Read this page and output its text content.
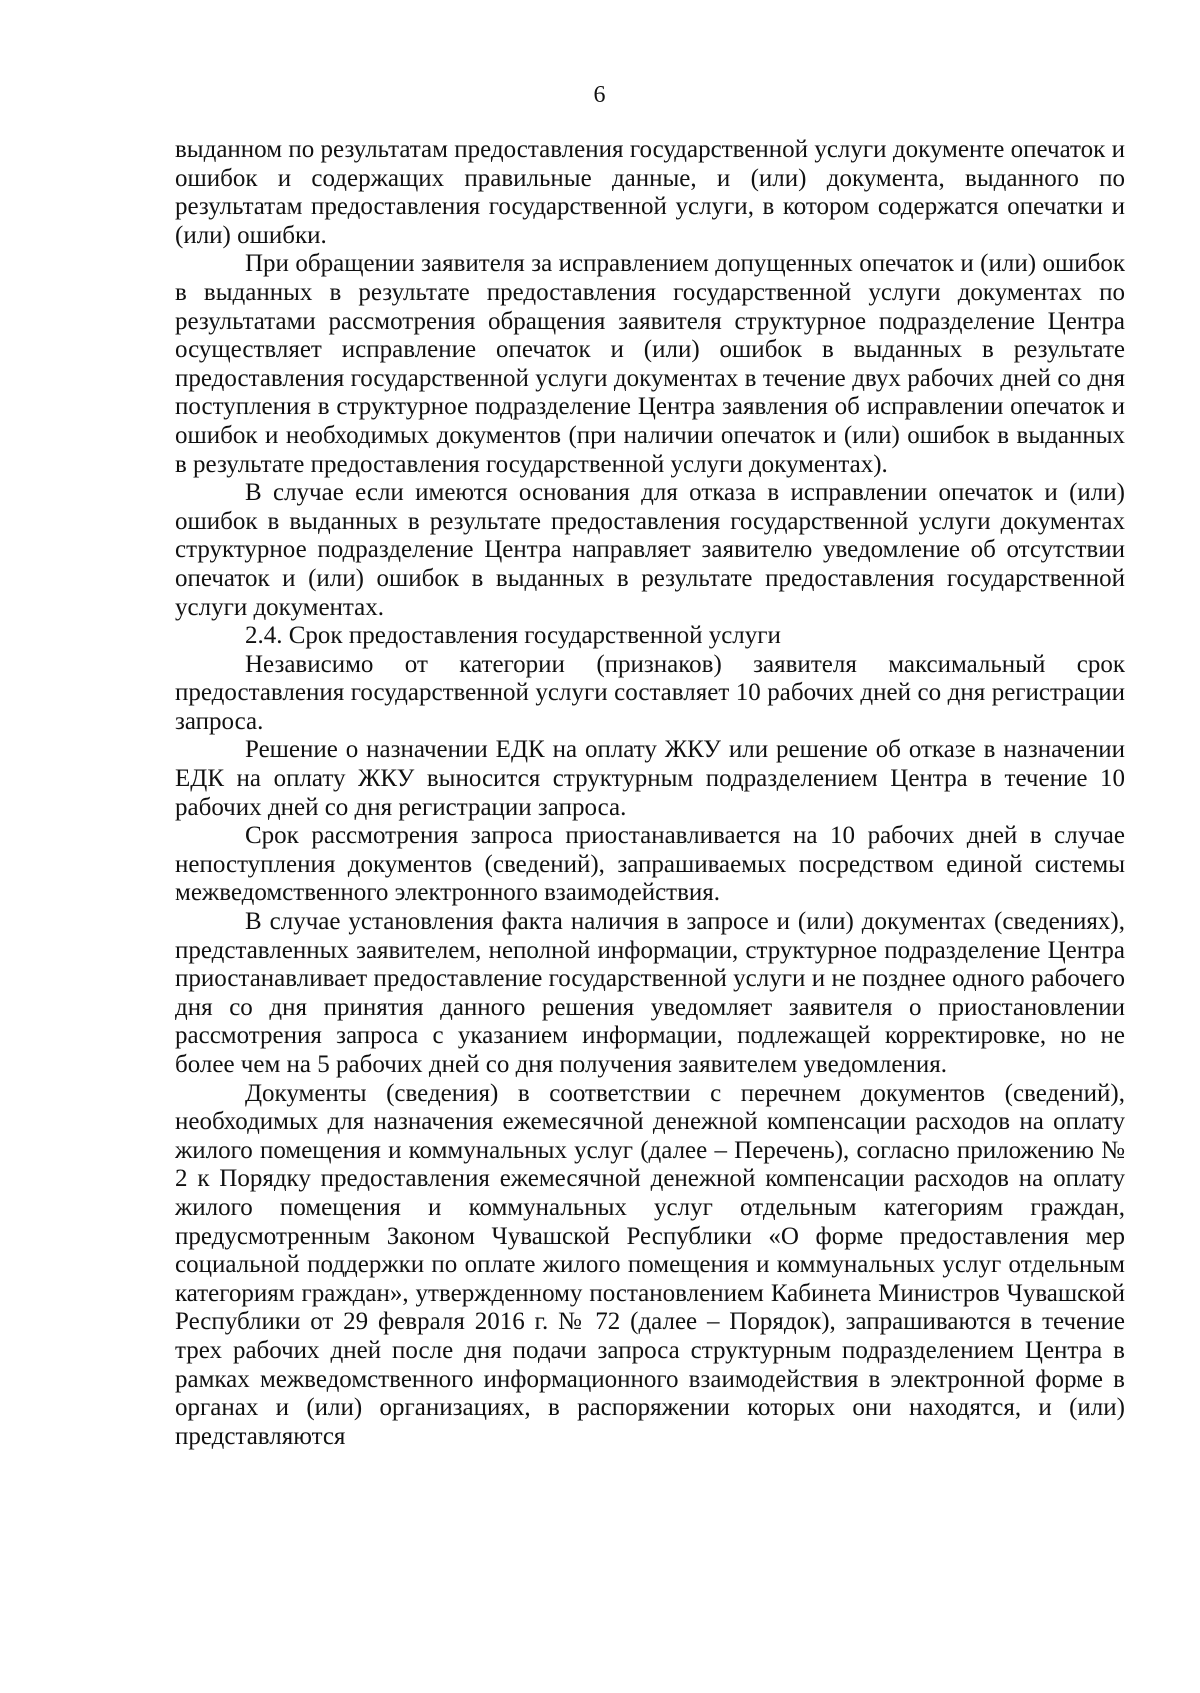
6

выданном по результатам предоставления государственной услуги документе опечаток и ошибок и содержащих правильные данные, и (или) документа, выданного по результатам предоставления государственной услуги, в котором содержатся опечатки и (или) ошибки.

При обращении заявителя за исправлением допущенных опечаток и (или) ошибок в выданных в результате предоставления государственной услуги документах по результатами рассмотрения обращения заявителя структурное подразделение Центра осуществляет исправление опечаток и (или) ошибок в выданных в результате предоставления государственной услуги документах в течение двух рабочих дней со дня поступления в структурное подразделение Центра заявления об исправлении опечаток и ошибок и необходимых документов (при наличии опечаток и (или) ошибок в выданных в результате предоставления государственной услуги документах).

В случае если имеются основания для отказа в исправлении опечаток и (или) ошибок в выданных в результате предоставления государственной услуги документах структурное подразделение Центра направляет заявителю уведомление об отсутствии опечаток и (или) ошибок в выданных в результате предоставления государственной услуги документах.

2.4. Срок предоставления государственной услуги

Независимо от категории (признаков) заявителя максимальный срок предоставления государственной услуги составляет 10 рабочих дней со дня регистрации запроса.

Решение о назначении ЕДК на оплату ЖКУ или решение об отказе в назначении ЕДК на оплату ЖКУ выносится структурным подразделением Центра в течение 10 рабочих дней со дня регистрации запроса.

Срок рассмотрения запроса приостанавливается на 10 рабочих дней в случае непоступления документов (сведений), запрашиваемых посредством единой системы межведомственного электронного взаимодействия.

В случае установления факта наличия в запросе и (или) документах (сведениях), представленных заявителем, неполной информации, структурное подразделение Центра приостанавливает предоставление государственной услуги и не позднее одного рабочего дня со дня принятия данного решения уведомляет заявителя о приостановлении рассмотрения запроса с указанием информации, подлежащей корректировке, но не более чем на 5 рабочих дней со дня получения заявителем уведомления.

Документы (сведения) в соответствии с перечнем документов (сведений), необходимых для назначения ежемесячной денежной компенсации расходов на оплату жилого помещения и коммунальных услуг (далее – Перечень), согласно приложению № 2 к Порядку предоставления ежемесячной денежной компенсации расходов на оплату жилого помещения и коммунальных услуг отдельным категориям граждан, предусмотренным Законом Чувашской Республики «О форме предоставления мер социальной поддержки по оплате жилого помещения и коммунальных услуг отдельным категориям граждан», утвержденному постановлением Кабинета Министров Чувашской Республики от 29 февраля 2016 г. № 72 (далее – Порядок), запрашиваются в течение трех рабочих дней после дня подачи запроса структурным подразделением Центра в рамках межведомственного информационного взаимодействия в электронной форме в органах и (или) организациях, в распоряжении которых они находятся, и (или) представляются
